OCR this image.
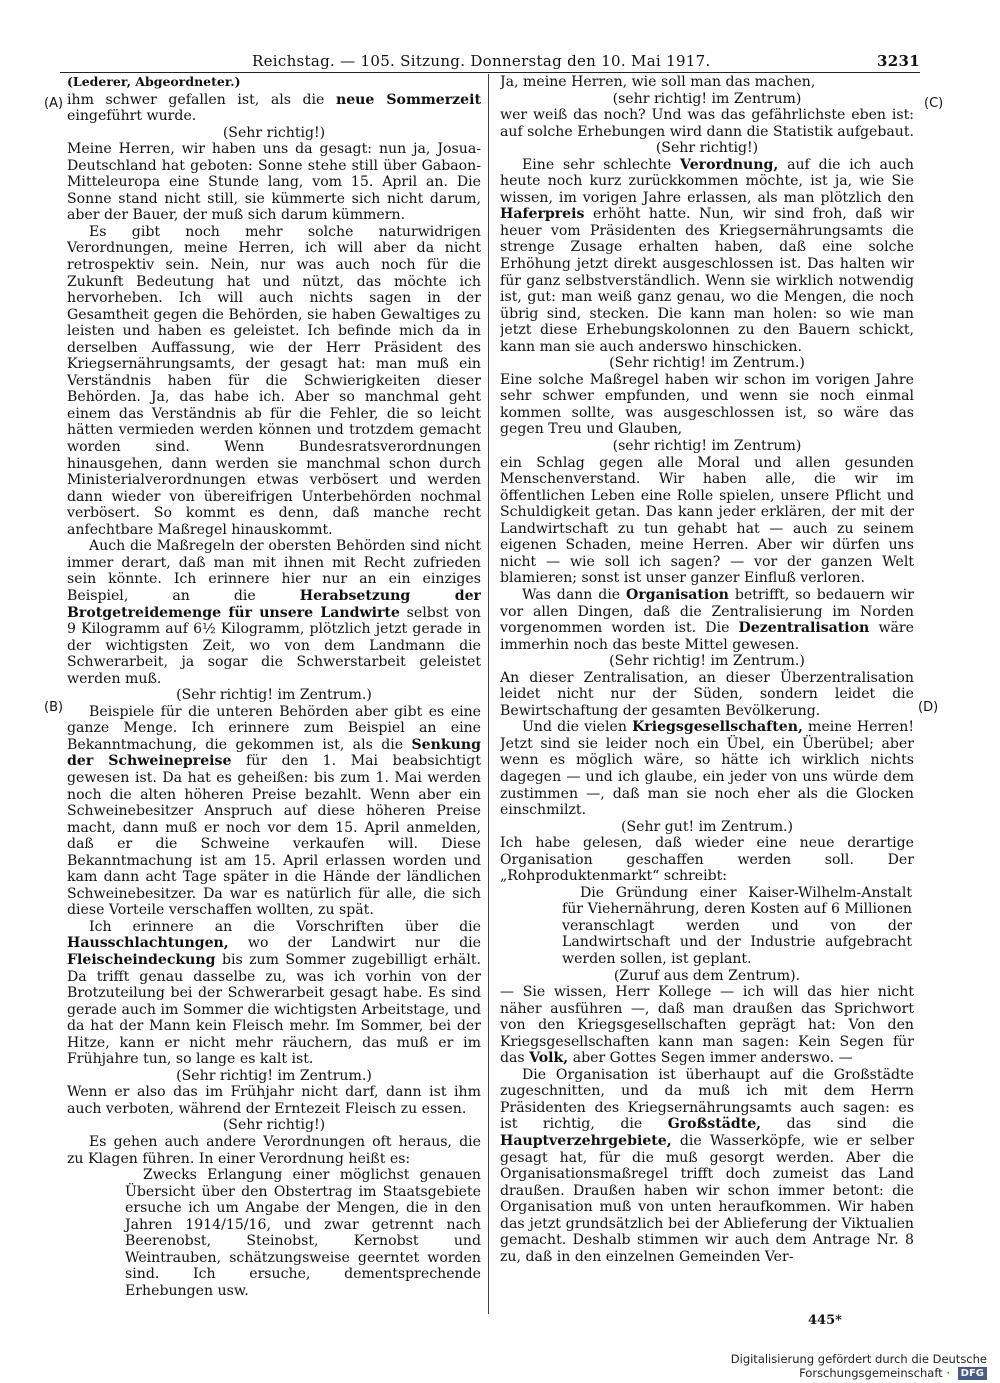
Reichstag. — 105. Sitzung. Donnerstag den 10. Mai 1917.	3231
(A)
(B)
(C)
(D)

(Lederer, Abgeordneter.)

ihm schwer gefallen ist, als die neue Sommerzeit eingeführt wurde.

(Sehr richtig!)

Meine Herren, wir haben uns da gesagt: nun ja, Josua-Deutschland hat geboten: Sonne stehe still über Gabaon-Mitteleuropa eine Stunde lang, vom 15. April an. Die Sonne stand nicht still, sie kümmerte sich nicht darum, aber der Bauer, der muß sich darum kümmern.

Es gibt noch mehr solche naturwidrigen Verordnungen, meine Herren, ich will aber da nicht retrospektiv sein. Nein, nur was auch noch für die Zukunft Bedeutung hat und nützt, das möchte ich hervorheben. Ich will auch nichts sagen in der Gesamtheit gegen die Behörden, sie haben Gewaltiges zu leisten und haben es geleistet. Ich befinde mich da in derselben Auffassung, wie der Herr Präsident des Kriegsernährungsamts, der gesagt hat: man muß ein Verständnis haben für die Schwierigkeiten dieser Behörden. Ja, das habe ich. Aber so manchmal geht einem das Verständnis ab für die Fehler, die so leicht hätten vermieden werden können und trotzdem gemacht worden sind. Wenn Bundesratsverordnungen hinausgehen, dann werden sie manchmal schon durch Ministerialverordnungen etwas verbösert und werden dann wieder von übereifrigen Unterbehörden nochmal verbösert. So kommt es denn, daß manche recht anfechtbare Maßregel hinauskommt.

Auch die Maßregeln der obersten Behörden sind nicht immer derart, daß man mit ihnen mit Recht zufrieden sein könnte. Ich erinnere hier nur an ein einziges Beispiel, an die Herabsetzung der Brotgetreidemenge für unsere Landwirte selbst von 9 Kilogramm auf 6½ Kilogramm, plötzlich jetzt gerade in der wichtigsten Zeit, wo von dem Landmann die Schwerarbeit, ja sogar die Schwerstarbeit geleistet werden muß.

(Sehr richtig! im Zentrum.)

Beispiele für die unteren Behörden aber gibt es eine ganze Menge. Ich erinnere zum Beispiel an eine Bekanntmachung, die gekommen ist, als die Senkung der Schweinepreise für den 1. Mai beabsichtigt gewesen ist. Da hat es geheißen: bis zum 1. Mai werden noch die alten höheren Preise bezahlt. Wenn aber ein Schweinebesitzer Anspruch auf diese höheren Preise macht, dann muß er noch vor dem 15. April anmelden, daß er die Schweine verkaufen will. Diese Bekanntmachung ist am 15. April erlassen worden und kam dann acht Tage später in die Hände der ländlichen Schweinebesitzer. Da war es natürlich für alle, die sich diese Vorteile verschaffen wollten, zu spät.

Ich erinnere an die Vorschriften über die Hausschlachtungen, wo der Landwirt nur die Fleischeindeckung bis zum Sommer zugebilligt erhält. Da trifft genau dasselbe zu, was ich vorhin von der Brotzuteilung bei der Schwerarbeit gesagt habe. Es sind gerade auch im Sommer die wichtigsten Arbeitstage, und da hat der Mann kein Fleisch mehr. Im Sommer, bei der Hitze, kann er nicht mehr räuchern, das muß er im Frühjahre tun, so lange es kalt ist.

(Sehr richtig! im Zentrum.)

Wenn er also das im Frühjahr nicht darf, dann ist ihm auch verboten, während der Erntezeit Fleisch zu essen.

(Sehr richtig!)

Es gehen auch andere Verordnungen oft heraus, die zu Klagen führen. In einer Verordnung heißt es:

Zwecks Erlangung einer möglichst genauen Übersicht über den Obstertrag im Staatsgebiete ersuche ich um Angabe der Mengen, die in den Jahren 1914/15/16, und zwar getrennt nach Beerenobst, Steinobst, Kernobst und Weintrauben, schätzungsweise geerntet worden sind. Ich ersuche, dementsprechende Erhebungen usw.

Ja, meine Herren, wie soll man das machen,

(sehr richtig! im Zentrum)

wer weiß das noch? Und was das gefährlichste eben ist: auf solche Erhebungen wird dann die Statistik aufgebaut.

(Sehr richtig!)

Eine sehr schlechte Verordnung, auf die ich auch heute noch kurz zurückkommen möchte, ist ja, wie Sie wissen, im vorigen Jahre erlassen, als man plötzlich den Haferpreis erhöht hatte. Nun, wir sind froh, daß wir heuer vom Präsidenten des Kriegsernährungsamts die strenge Zusage erhalten haben, daß eine solche Erhöhung jetzt direkt ausgeschlossen ist. Das halten wir für ganz selbstverständlich. Wenn sie wirklich notwendig ist, gut: man weiß ganz genau, wo die Mengen, die noch übrig sind, stecken. Die kann man holen: so wie man jetzt diese Erhebungskolonnen zu den Bauern schickt, kann man sie auch anderswo hinschicken.

(Sehr richtig! im Zentrum.)

Eine solche Maßregel haben wir schon im vorigen Jahre sehr schwer empfunden, und wenn sie noch einmal kommen sollte, was ausgeschlossen ist, so wäre das gegen Treu und Glauben,

(sehr richtig! im Zentrum)

ein Schlag gegen alle Moral und allen gesunden Menschenverstand. Wir haben alle, die wir im öffentlichen Leben eine Rolle spielen, unsere Pflicht und Schuldigkeit getan. Das kann jeder erklären, der mit der Landwirtschaft zu tun gehabt hat — auch zu seinem eigenen Schaden, meine Herren. Aber wir dürfen uns nicht — wie soll ich sagen? — vor der ganzen Welt blamieren; sonst ist unser ganzer Einfluß verloren.

Was dann die Organisation betrifft, so bedauern wir vor allen Dingen, daß die Zentralisierung im Norden vorgenommen worden ist. Die Dezentralisation wäre immerhin noch das beste Mittel gewesen.

(Sehr richtig! im Zentrum.)

An dieser Zentralisation, an dieser Überzentralisation leidet nicht nur der Süden, sondern leidet die Bewirtschaftung der gesamten Bevölkerung.

Und die vielen Kriegsgesellschaften, meine Herren! Jetzt sind sie leider noch ein Übel, ein Überübel; aber wenn es möglich wäre, so hätte ich wirklich nichts dagegen — und ich glaube, ein jeder von uns würde dem zustimmen —, daß man sie noch eher als die Glocken einschmilzt.

(Sehr gut! im Zentrum.)

Ich habe gelesen, daß wieder eine neue derartige Organisation geschaffen werden soll. Der „Rohproduktenmarkt“ schreibt:

Die Gründung einer Kaiser-Wilhelm-Anstalt für Viehernährung, deren Kosten auf 6 Millionen veranschlagt werden und von der Landwirtschaft und der Industrie aufgebracht werden sollen, ist geplant.

(Zuruf aus dem Zentrum).

— Sie wissen, Herr Kollege — ich will das hier nicht näher ausführen —, daß man draußen das Sprichwort von den Kriegsgesellschaften geprägt hat: Von den Kriegsgesellschaften kann man sagen: Kein Segen für das Volk, aber Gottes Segen immer anderswo. —

Die Organisation ist überhaupt auf die Großstädte zugeschnitten, und da muß ich mit dem Herrn Präsidenten des Kriegsernährungsamts auch sagen: es ist richtig, die Großstädte, das sind die Hauptverzehrgebiete, die Wasserköpfe, wie er selber gesagt hat, für die muß gesorgt werden. Aber die Organisationsmaßregel trifft doch zumeist das Land draußen. Draußen haben wir schon immer betont: die Organisation muß von unten heraufkommen. Wir haben das jetzt grundsätzlich bei der Ablieferung der Viktualien gemacht. Deshalb stimmen wir auch dem Antrage Nr. 8 zu, daß in den einzelnen Gemeinden Ver-

445*
Digitalisierung gefördert durch die Deutsche Forschungsgemeinschaft · DFG
